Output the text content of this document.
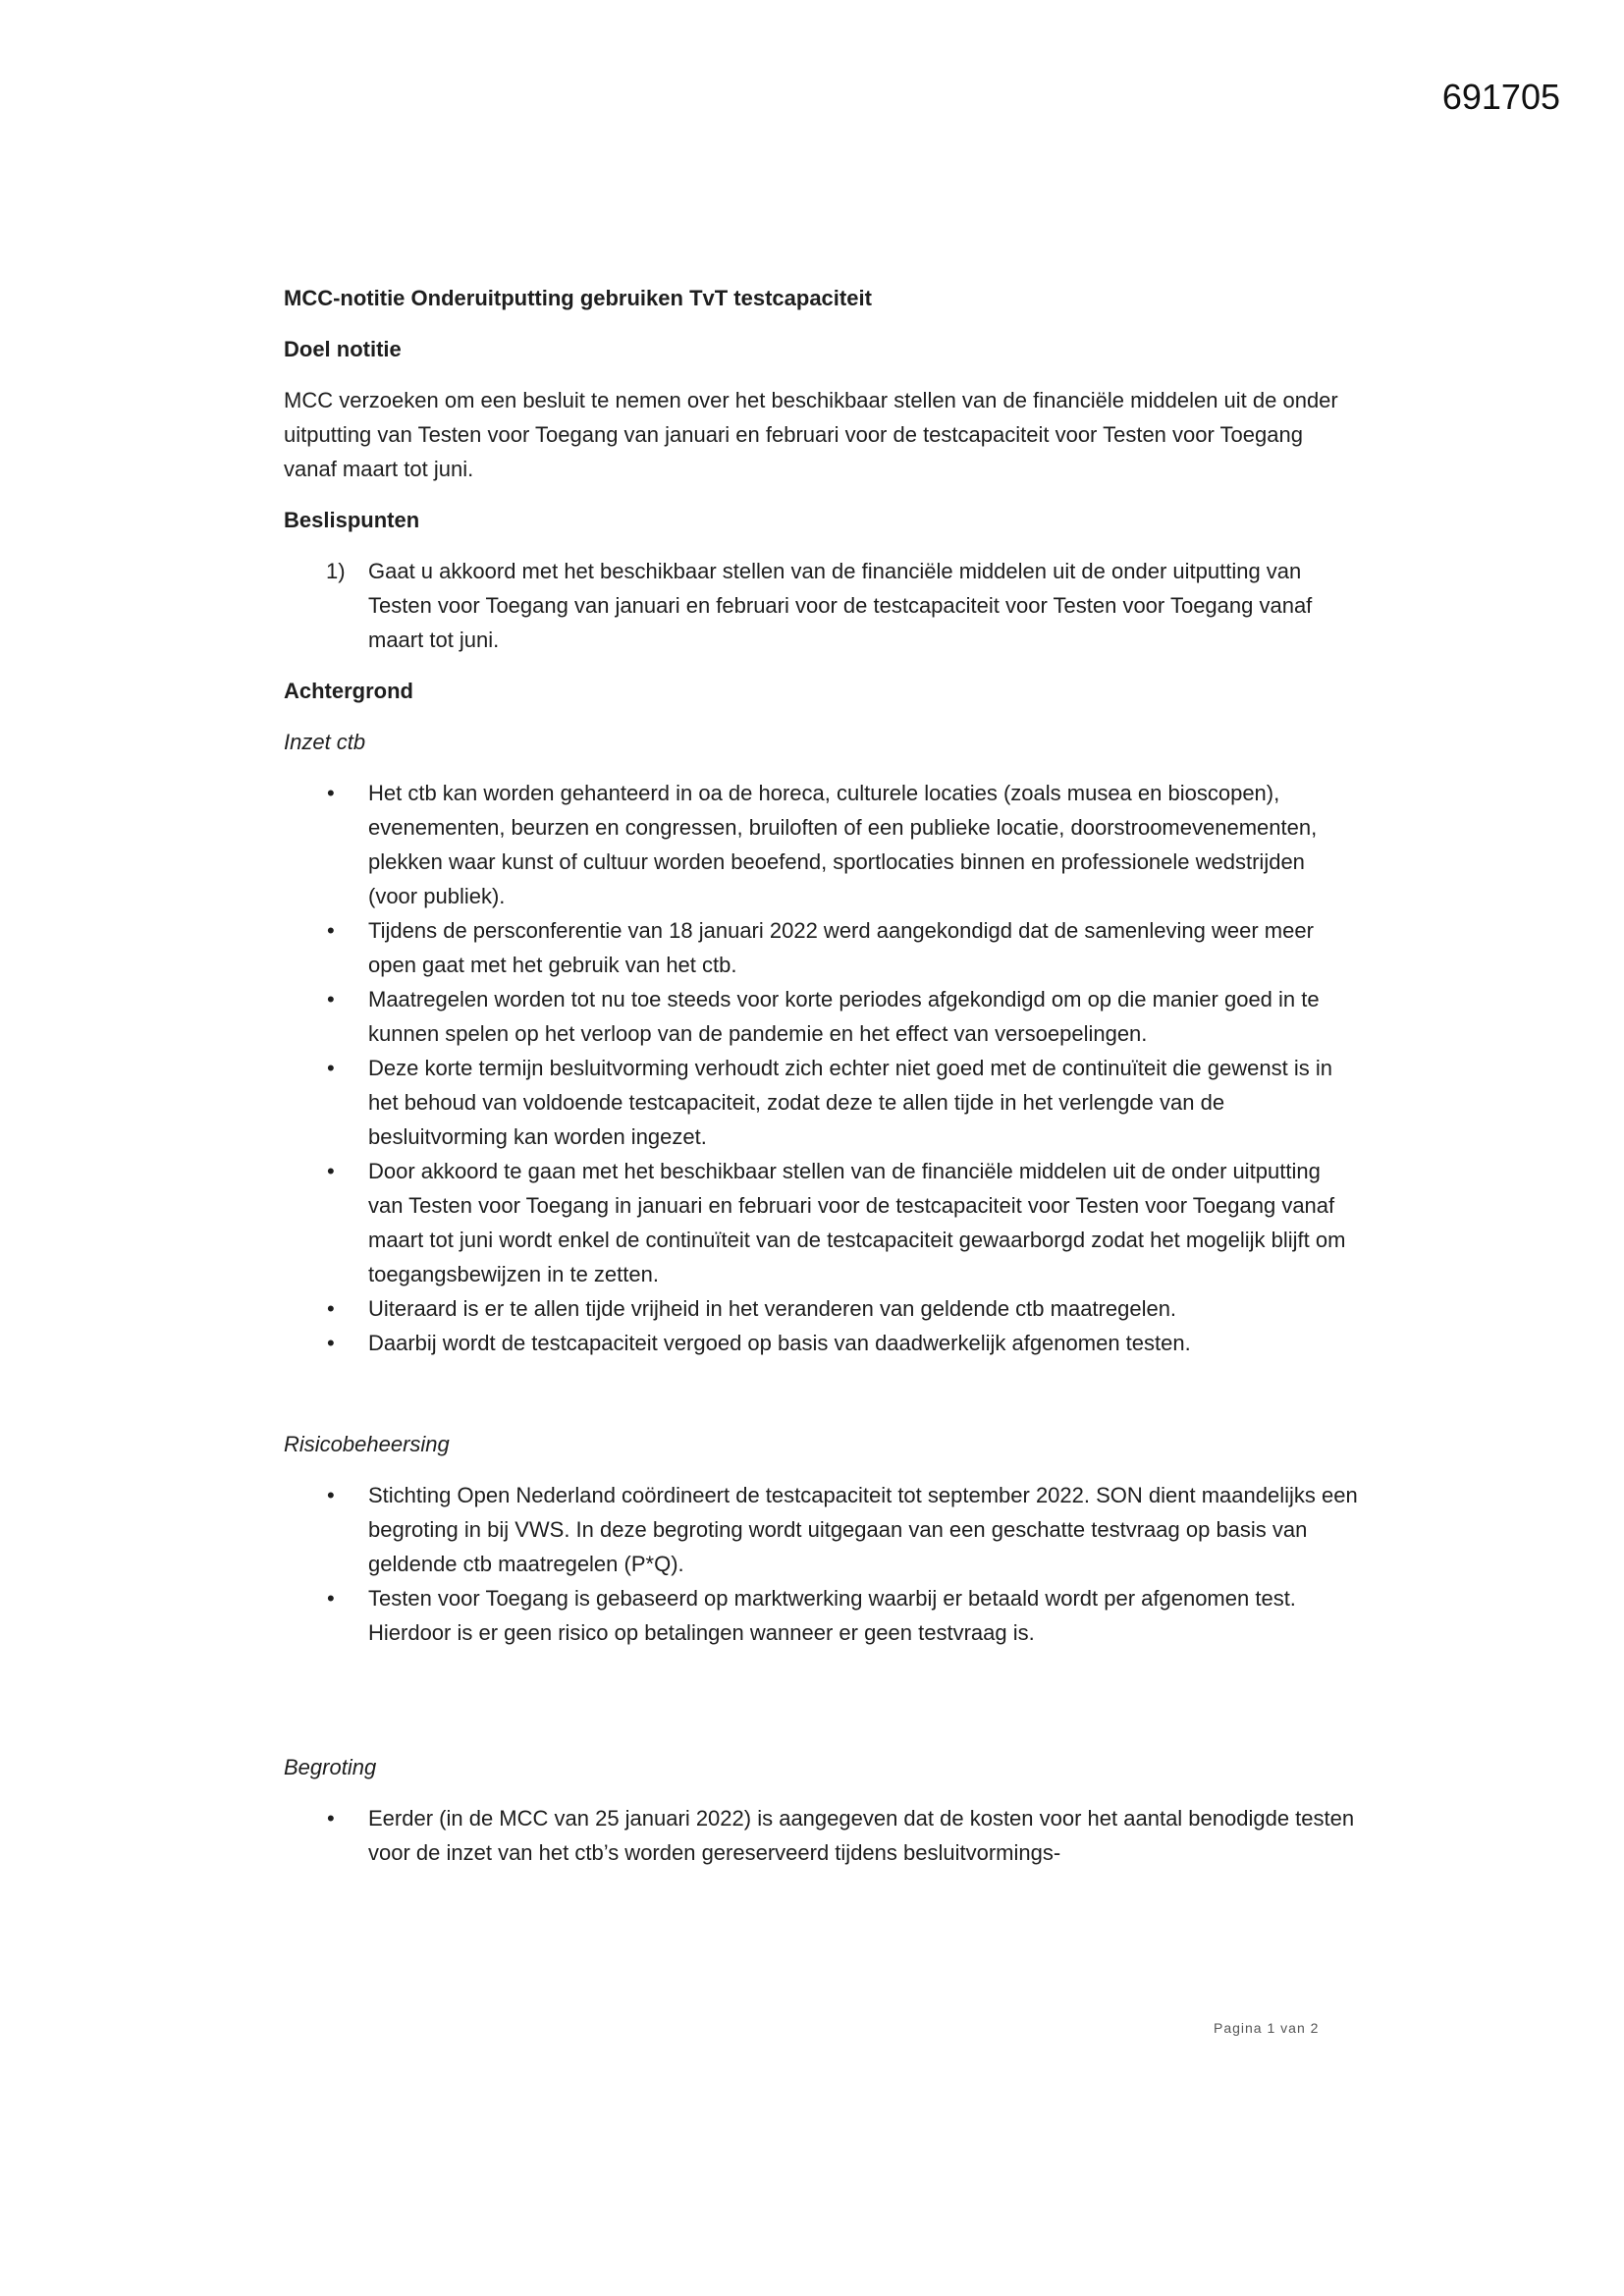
691705
MCC-notitie Onderuitputting gebruiken TvT testcapaciteit
Doel notitie

MCC verzoeken om een besluit te nemen over het beschikbaar stellen van de financiële middelen uit de onder uitputting van Testen voor Toegang van januari en februari voor de testcapaciteit voor Testen voor Toegang vanaf maart tot juni.

Beslispunten
1) Gaat u akkoord met het beschikbaar stellen van de financiële middelen uit de onder uitputting van Testen voor Toegang van januari en februari voor de testcapaciteit voor Testen voor Toegang vanaf maart tot juni.
Achtergrond
Inzet ctb
• Het ctb kan worden gehanteerd in oa de horeca, culturele locaties (zoals musea en bioscopen), evenementen, beurzen en congressen, bruiloften of een publieke locatie, doorstroomevenementen, plekken waar kunst of cultuur worden beoefend, sportlocaties binnen en professionele wedstrijden (voor publiek).
• Tijdens de persconferentie van 18 januari 2022 werd aangekondigd dat de samenleving weer meer open gaat met het gebruik van het ctb.
• Maatregelen worden tot nu toe steeds voor korte periodes afgekondigd om op die manier goed in te kunnen spelen op het verloop van de pandemie en het effect van versoepelingen.
• Deze korte termijn besluitvorming verhoudt zich echter niet goed met de continuïteit die gewenst is in het behoud van voldoende testcapaciteit, zodat deze te allen tijde in het verlengde van de besluitvorming kan worden ingezet.
• Door akkoord te gaan met het beschikbaar stellen van de financiële middelen uit de onder uitputting van Testen voor Toegang in januari en februari voor de testcapaciteit voor Testen voor Toegang vanaf maart tot juni wordt enkel de continuïteit van de testcapaciteit gewaarborgd zodat het mogelijk blijft om toegangsbewijzen in te zetten.
• Uiteraard is er te allen tijde vrijheid in het veranderen van geldende ctb maatregelen.
• Daarbij wordt de testcapaciteit vergoed op basis van daadwerkelijk afgenomen testen.
Risicobeheersing
• Stichting Open Nederland coördineert de testcapaciteit tot september 2022. SON dient maandelijks een begroting in bij VWS. In deze begroting wordt uitgegaan van een geschatte testvraag op basis van geldende ctb maatregelen (P*Q).
• Testen voor Toegang is gebaseerd op marktwerking waarbij er betaald wordt per afgenomen test. Hierdoor is er geen risico op betalingen wanneer er geen testvraag is.
Begroting
• Eerder (in de MCC van 25 januari 2022) is aangegeven dat de kosten voor het aantal benodigde testen voor de inzet van het ctb’s worden gereserveerd tijdens besluitvormings-
Pagina 1 van 2
